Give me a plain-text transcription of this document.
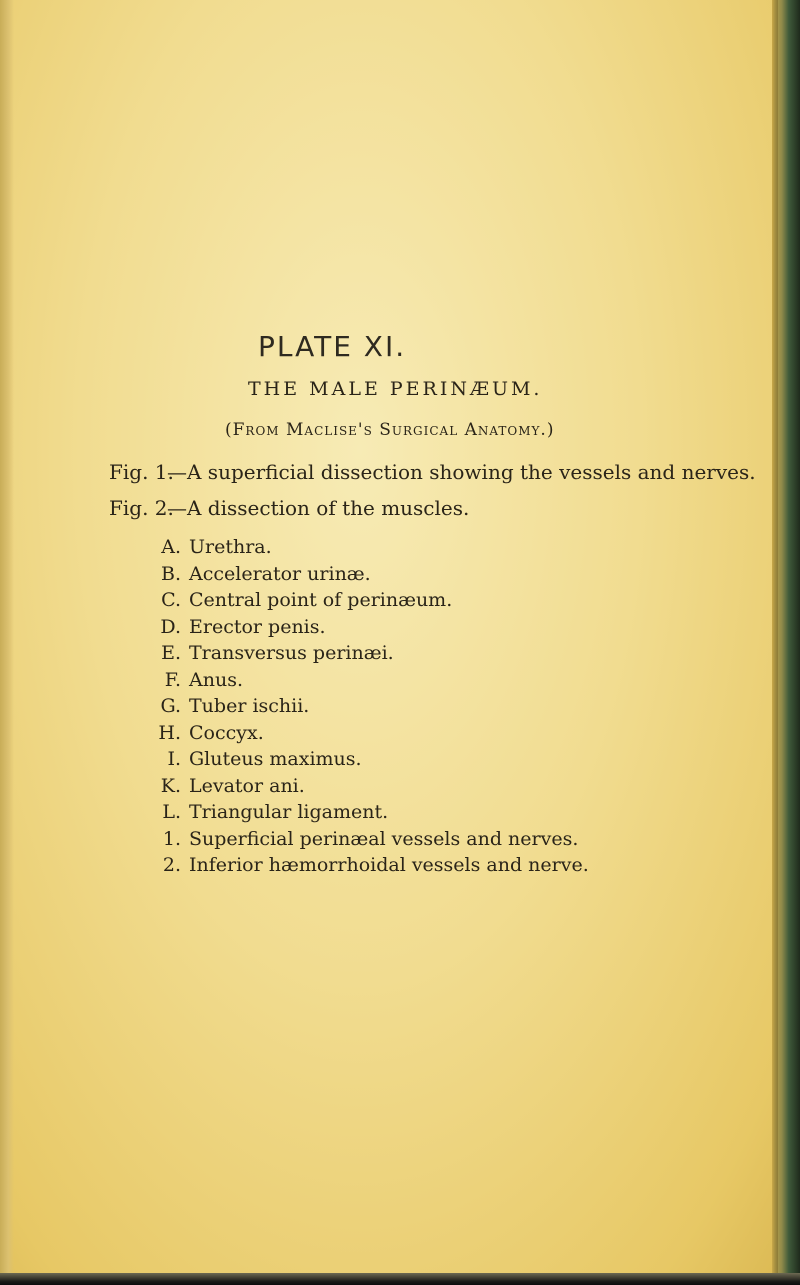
PLATE XI.
THE MALE PERINÆUM.
(From Maclise's Surgical Anatomy.)
Fig. 1.—A superficial dissection showing the vessels and nerves.
Fig. 2.—A dissection of the muscles.
A. Urethra.
B. Accelerator urinæ.
C. Central point of perinæum.
D. Erector penis.
E. Transversus perinæi.
F. Anus.
G. Tuber ischii.
H. Coccyx.
I. Gluteus maximus.
K. Levator ani.
L. Triangular ligament.
1. Superficial perinæal vessels and nerves.
2. Inferior hæmorrhoidal vessels and nerve.
